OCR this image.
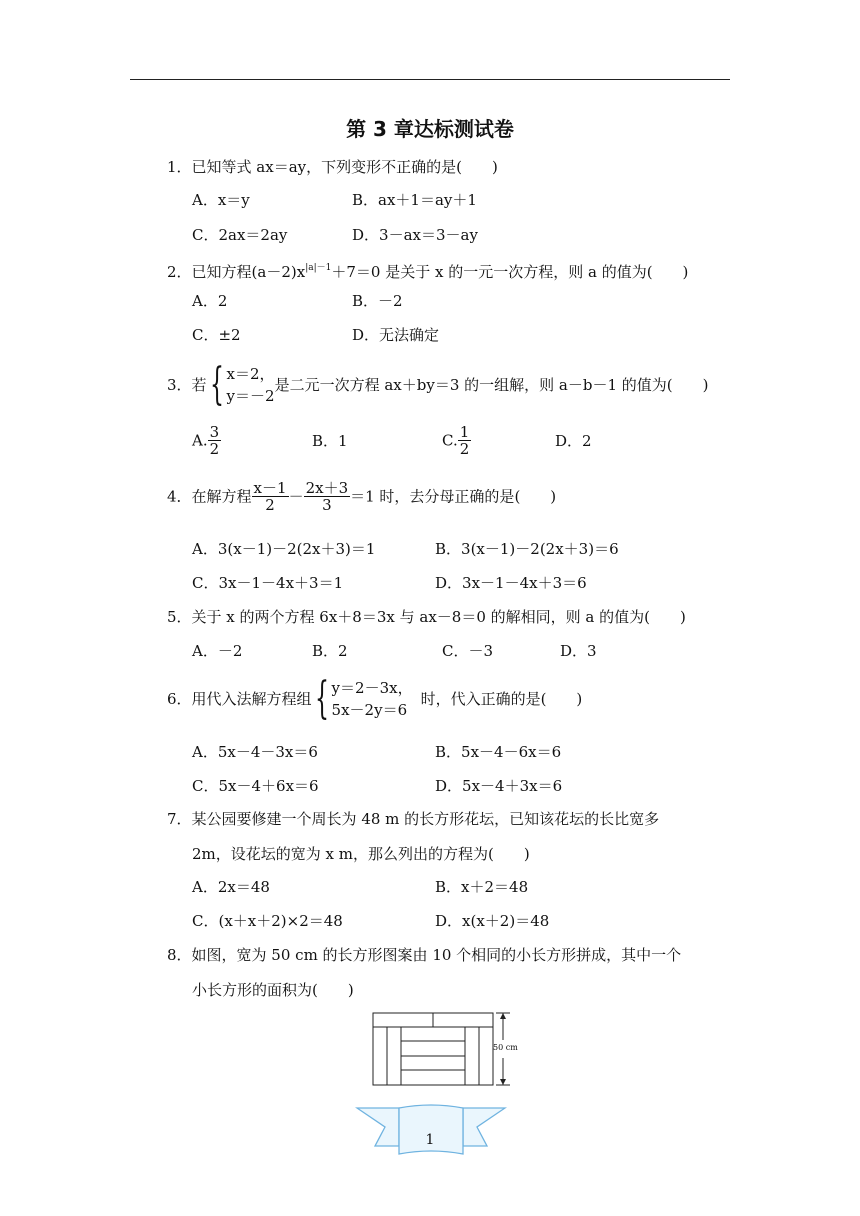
第 3 章达标测试卷
1．已知等式 ax＝ay，下列变形不正确的是(　　)
A．x＝y	B．ax＋1＝ay＋1
C．2ax＝2ay	D．3－ax＝3－ay
2．已知方程$(a-2)x^{|a|-1}+7=0$ 是关于 x 的一元一次方程，则 a 的值为(　　)
A．2	B．－2
C．±2	D．无法确定
3．若{ x＝2，
y＝－2
是二元一次方程 ax＋by＝3 的一组解，则 a－b－1 的值为(　　)
A. $\frac{3}{2}$	B．1	C. $\frac{1}{2}$	D．2
4．在解方程 $\frac{x-1}{2} - \frac{2x+3}{3} =1$ 时，去分母正确的是(　　)
A．3(x－1)－2(2x＋3)＝1	B．3(x－1)－2(2x＋3)＝6
C．3x－1－4x＋3＝1	D．3x－1－4x＋3＝6
5．关于 x 的两个方程 6x＋8＝3x 与 ax－8＝0 的解相同，则 a 的值为(　　)
A．－2	B．2	C．－3	D．3
6．用代入法解方程组{ y＝2－3x，
5x－2y＝6
时，代入正确的是(　　)
A．5x－4－3x＝6	B．5x－4－6x＝6
C．5x－4＋6x＝6	D．5x－4＋3x＝6
7．某公园要修建一个周长为 48 m 的长方形花坛，已知该花坛的长比宽多
2m，设花坛的宽为 x m，那么列出的方程为(　　)
A．2x＝48	B．x＋2＝48
C．(x＋x＋2)×2＝48	D．x(x＋2)＝48
8．如图，宽为 50 cm 的长方形图案由 10 个相同的小长方形拼成，其中一个
小长方形的面积为(　　)
50 cm
1
